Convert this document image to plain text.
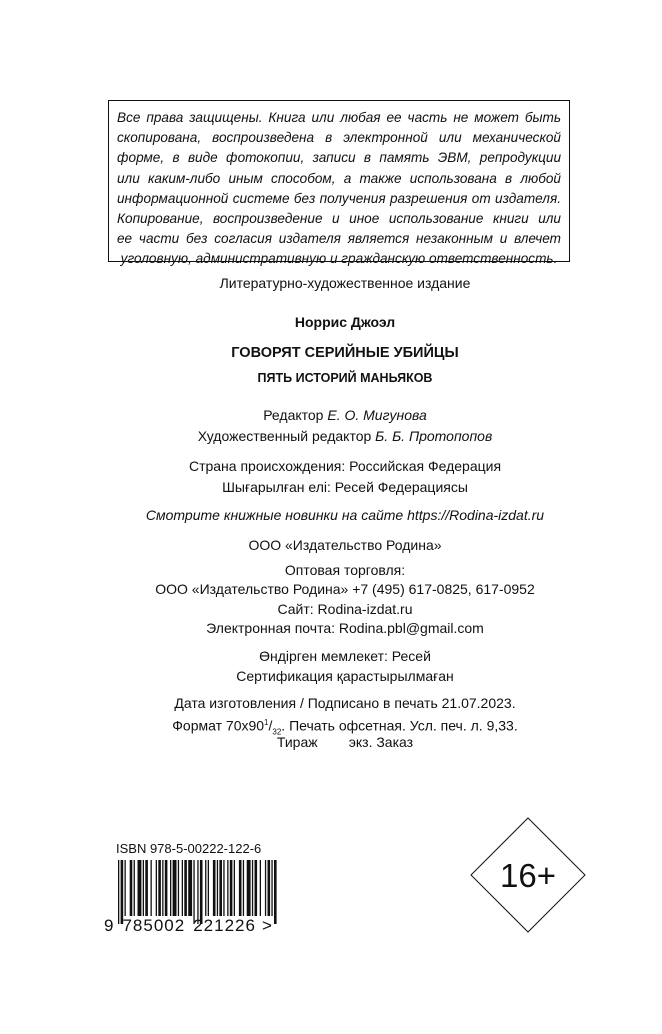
Все права защищены. Книга или любая ее часть не может быть
скопирована, воспроизведена в электронной или механической
форме, в виде фотокопии, записи в память ЭВМ, репродукции
или каким-либо иным способом, а также использована в любой
информационной системе без получения разрешения от издателя.
Копирование, воспроизведение и иное использование книги или
ее части без согласия издателя является незаконным и влечет
уголовную, административную и гражданскую ответственность.
Литературно-художественное издание
Норрис Джоэл
ГОВОРЯТ СЕРИЙНЫЕ УБИЙЦЫ
ПЯТЬ ИСТОРИЙ МАНЬЯКОВ
Редактор Е. О. Мигунова
Художественный редактор Б. Б. Протопопов
Страна происхождения: Российская Федерация
Шығарылған елі: Ресей Федерациясы
Смотрите книжные новинки на сайте https://Rodina-izdat.ru
ООО «Издательство Родина»
Оптовая торговля:
ООО «Издательство Родина» +7 (495) 617-0825, 617-0952
Сайт: Rodina-izdat.ru
Электронная почта: Rodina.pbl@gmail.com
Өндірген мемлекет: Ресей
Сертификация қарастырылмаған
Дата изготовления / Подписано в печать 21.07.2023.
Формат $70x90^1/_{32}$. Печать офсетная. Усл. печ. л. 9,33.
Тираж        экз. Заказ
ISBN 978-5-00222-122-6
9 785002 221226 >
16+
